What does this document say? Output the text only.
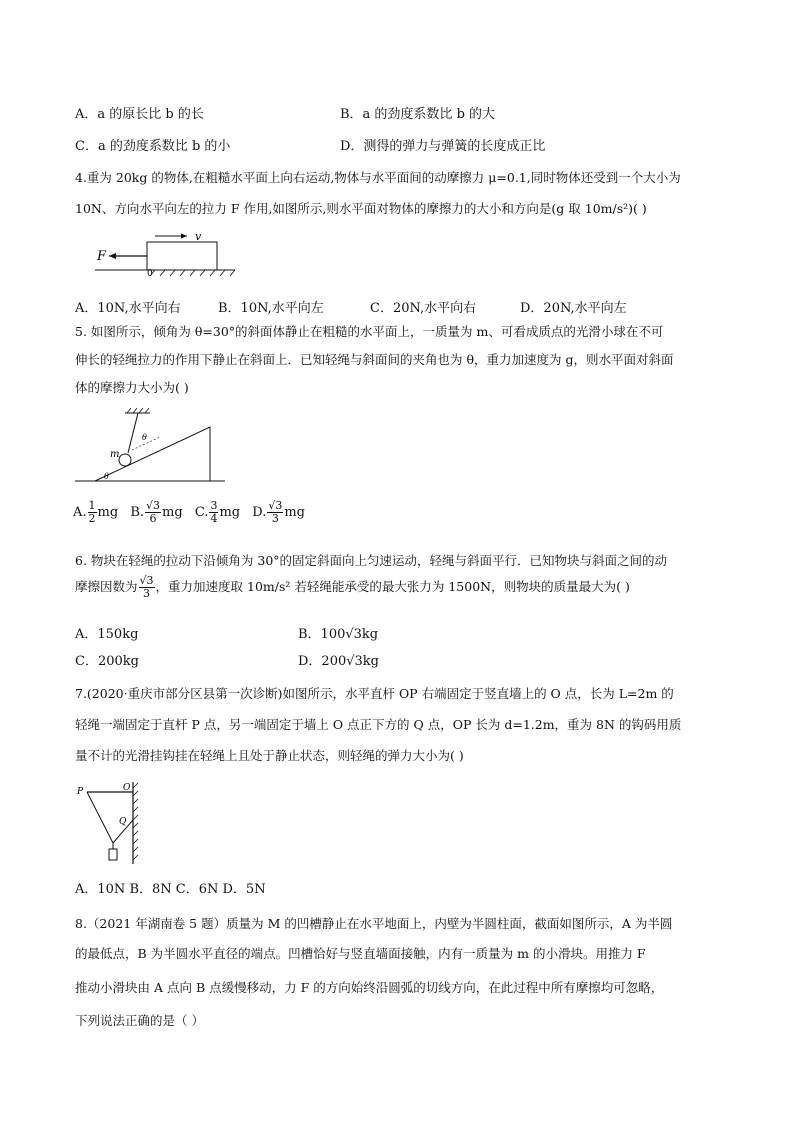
A．a 的原长比 b 的长	B．a 的劲度系数比 b 的大
C．a 的劲度系数比 b 的小	D．测得的弹力与弹簧的长度成正比
4.重为 20kg 的物体,在粗糙水平面上向右运动,物体与水平面间的动摩擦力 μ=0.1,同时物体还受到一个大小为
10N、方向水平向左的拉力 F 作用,如图所示,则水平面对物体的摩擦力的大小和方向是(g 取 10m/s²)( )
F
v
0
A．10N,水平向右	B．10N,水平向左	C．20N,水平向右	D．20N,水平向左
5. 如图所示，倾角为 θ=30°的斜面体静止在粗糙的水平面上，一质量为 m、可看成质点的光滑小球在不可
伸长的轻绳拉力的作用下静止在斜面上．已知轻绳与斜面间的夹角也为 θ，重力加速度为 g，则水平面对斜面
体的摩擦力大小为( )
m
θ
θ
A. $\frac{1}{2}$ mg B. $\frac{√3}{6}$ mg C. $\frac{3}{4}$ mg D. $\frac{√3}{3}$ mg
6. 物块在轻绳的拉动下沿倾角为 30°的固定斜面向上匀速运动，轻绳与斜面平行．已知物块与斜面之间的动
摩擦因数为 $\frac{√3}{3}$ ，重力加速度取 10m/s² 若轻绳能承受的最大张力为 1500N，则物块的质量最大为( )
A．150kg	B．100√3kg
C．200kg	D．200√3kg
7.(2020·重庆市部分区县第一次诊断)如图所示，水平直杆 OP 右端固定于竖直墙上的 O 点，长为 L=2m 的
轻绳一端固定于直杆 P 点，另一端固定于墙上 O 点正下方的 Q 点，OP 长为 d=1.2m，重为 8N 的钩码用质
量不计的光滑挂钩挂在轻绳上且处于静止状态，则轻绳的弹力大小为( )
P	O
Q
A．10N B．8N C．6N D．5N
8.（2021 年湖南卷 5 题）质量为 M 的凹槽静止在水平地面上，内壁为半圆柱面，截面如图所示，A 为半圆
的最低点，B 为半圆水平直径的端点。凹槽恰好与竖直墙面接触，内有一质量为 m 的小滑块。用推力 F
推动小滑块由 A 点向 B 点缓慢移动，力 F 的方向始终沿圆弧的切线方向，在此过程中所有摩擦均可忽略，
下列说法正确的是（ ）
